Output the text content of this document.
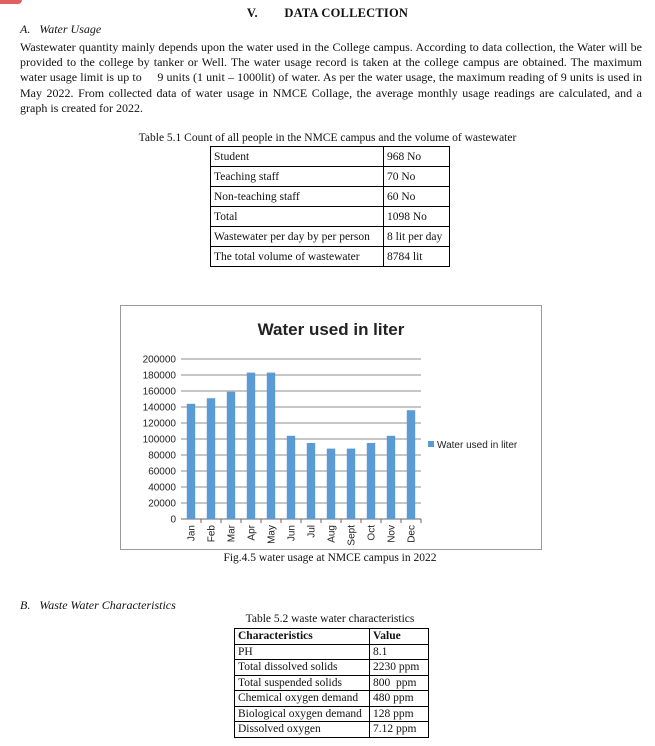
V.        DATA COLLECTION
A.   Water Usage
Wastewater quantity mainly depends upon the water used in the College campus. According to data collection, the Water will be provided to the college by tanker or Well. The water usage record is taken at the college campus are obtained. The maximum water usage limit is up to     9 units (1 unit – 1000lit) of water. As per the water usage, the maximum reading of 9 units is used in May 2022. From collected data of water usage in NMCE Collage, the average monthly usage readings are calculated, and a graph is created for 2022.
Table 5.1 Count of all people in the NMCE campus and the volume of wastewater
Student	968 No
Teaching staff	70 No
Non-teaching staff	60 No
Total	1098 No
Wastewater per day by per person	8 lit per day
The total volume of wastewater	8784 lit
Water used in liter
0
20000
40000
60000
80000
100000
120000
140000
160000
180000
200000
Jan Feb Mar Apr May Jun Jul Aug Sept Oct Nov Dec
Water used in liter
Fig.4.5 water usage at NMCE campus in 2022
B.   Waste Water Characteristics
Table 5.2 waste water characteristics
Characteristics	Value
PH	8.1
Total dissolved solids	2230 ppm
Total suspended solids	800  ppm
Chemical oxygen demand	480 ppm
Biological oxygen demand	128 ppm
Dissolved oxygen	7.12 ppm
